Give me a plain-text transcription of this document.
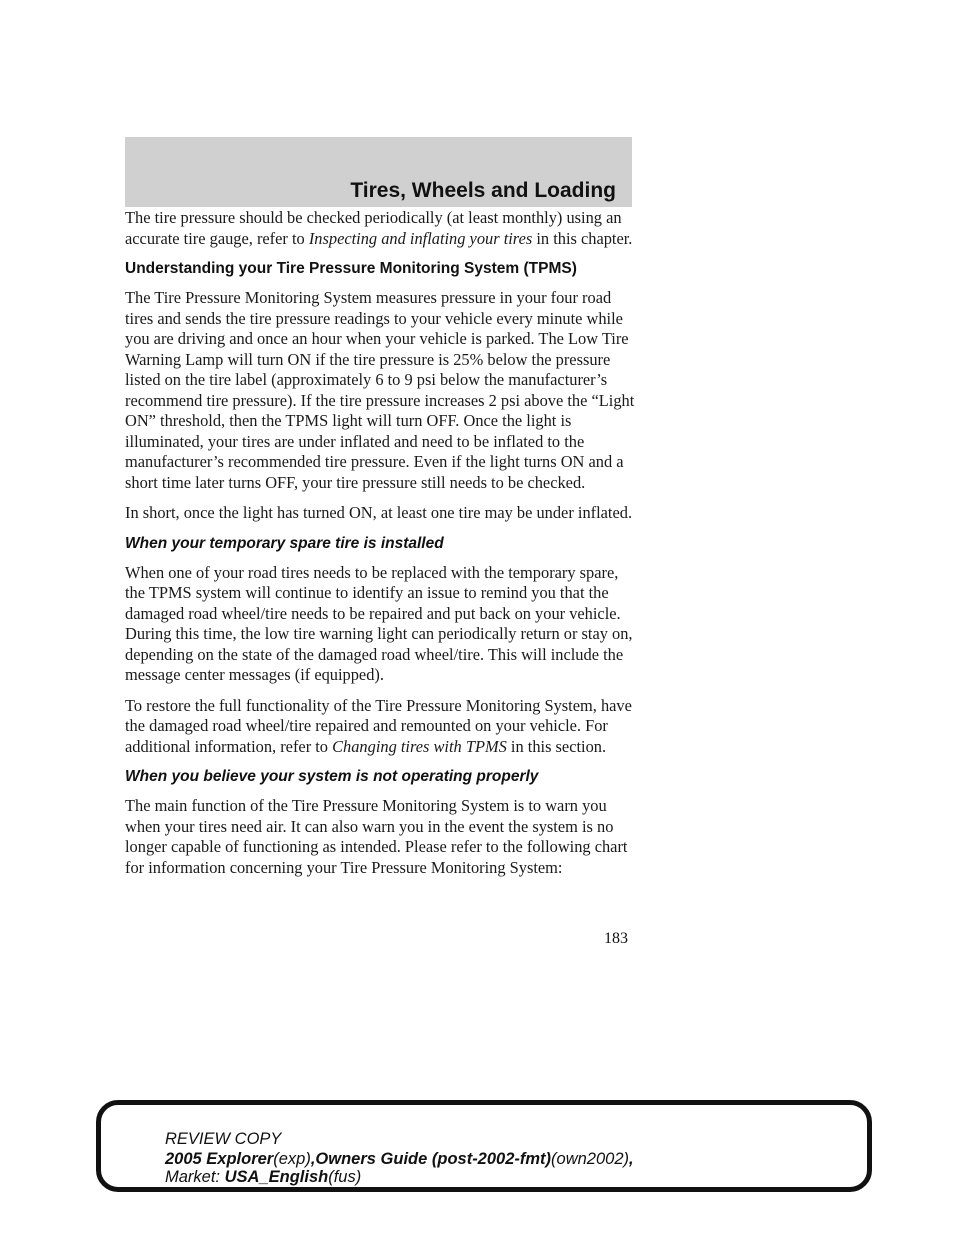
Tires, Wheels and Loading

The tire pressure should be checked periodically (at least monthly) using an accurate tire gauge, refer to Inspecting and inflating your tires in this chapter.

Understanding your Tire Pressure Monitoring System (TPMS)

The Tire Pressure Monitoring System measures pressure in your four road tires and sends the tire pressure readings to your vehicle every minute while you are driving and once an hour when your vehicle is parked. The Low Tire Warning Lamp will turn ON if the tire pressure is 25% below the pressure listed on the tire label (approximately 6 to 9 psi below the manufacturer’s recommend tire pressure). If the tire pressure increases 2 psi above the “Light ON” threshold, then the TPMS light will turn OFF. Once the light is illuminated, your tires are under inflated and need to be inflated to the manufacturer’s recommended tire pressure. Even if the light turns ON and a short time later turns OFF, your tire pressure still needs to be checked.

In short, once the light has turned ON, at least one tire may be under inflated.

When your temporary spare tire is installed

When one of your road tires needs to be replaced with the temporary spare, the TPMS system will continue to identify an issue to remind you that the damaged road wheel/tire needs to be repaired and put back on your vehicle. During this time, the low tire warning light can periodically return or stay on, depending on the state of the damaged road wheel/tire. This will include the message center messages (if equipped).

To restore the full functionality of the Tire Pressure Monitoring System, have the damaged road wheel/tire repaired and remounted on your vehicle. For additional information, refer to Changing tires with TPMS in this section.

When you believe your system is not operating properly

The main function of the Tire Pressure Monitoring System is to warn you when your tires need air. It can also warn you in the event the system is no longer capable of functioning as intended. Please refer to the following chart for information concerning your Tire Pressure Monitoring System:

183
REVIEW COPY
2005 Explorer(exp),Owners Guide (post-2002-fmt)(own2002),
Market: USA_English(fus)
